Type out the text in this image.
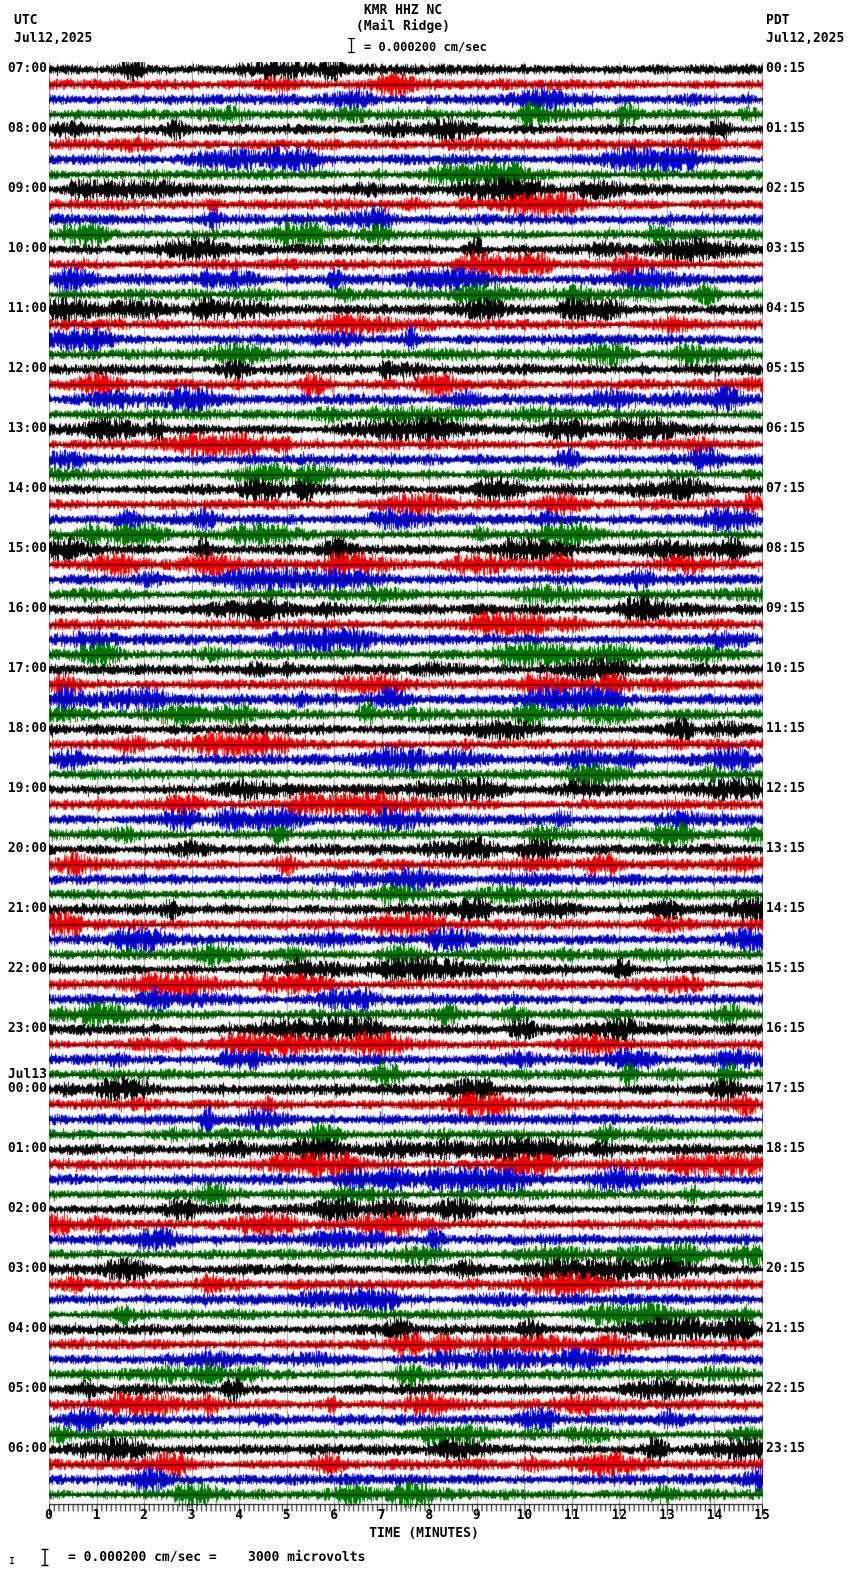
UTC
Jul12,2025
PDT
Jul12,2025
KMR HHZ NC
(Mail Ridge)
= 0.000200 cm/sec
07:00
08:00
09:00
10:00
11:00
12:00
13:00
14:00
15:00
16:00
17:00
18:00
19:00
20:00
21:00
22:00
23:00
Jul13
00:00
01:00
02:00
03:00
04:00
05:00
06:00
00:15
01:15
02:15
03:15
04:15
05:15
06:15
07:15
08:15
09:15
10:15
11:15
12:15
13:15
14:15
15:15
16:15
17:15
18:15
19:15
20:15
21:15
22:15
23:15
0	1	2	3	4	5	6	7	8	9	10 11 12 13 14 15
TIME (MINUTES)
= 0.000200 cm/sec =    3000 microvolts
